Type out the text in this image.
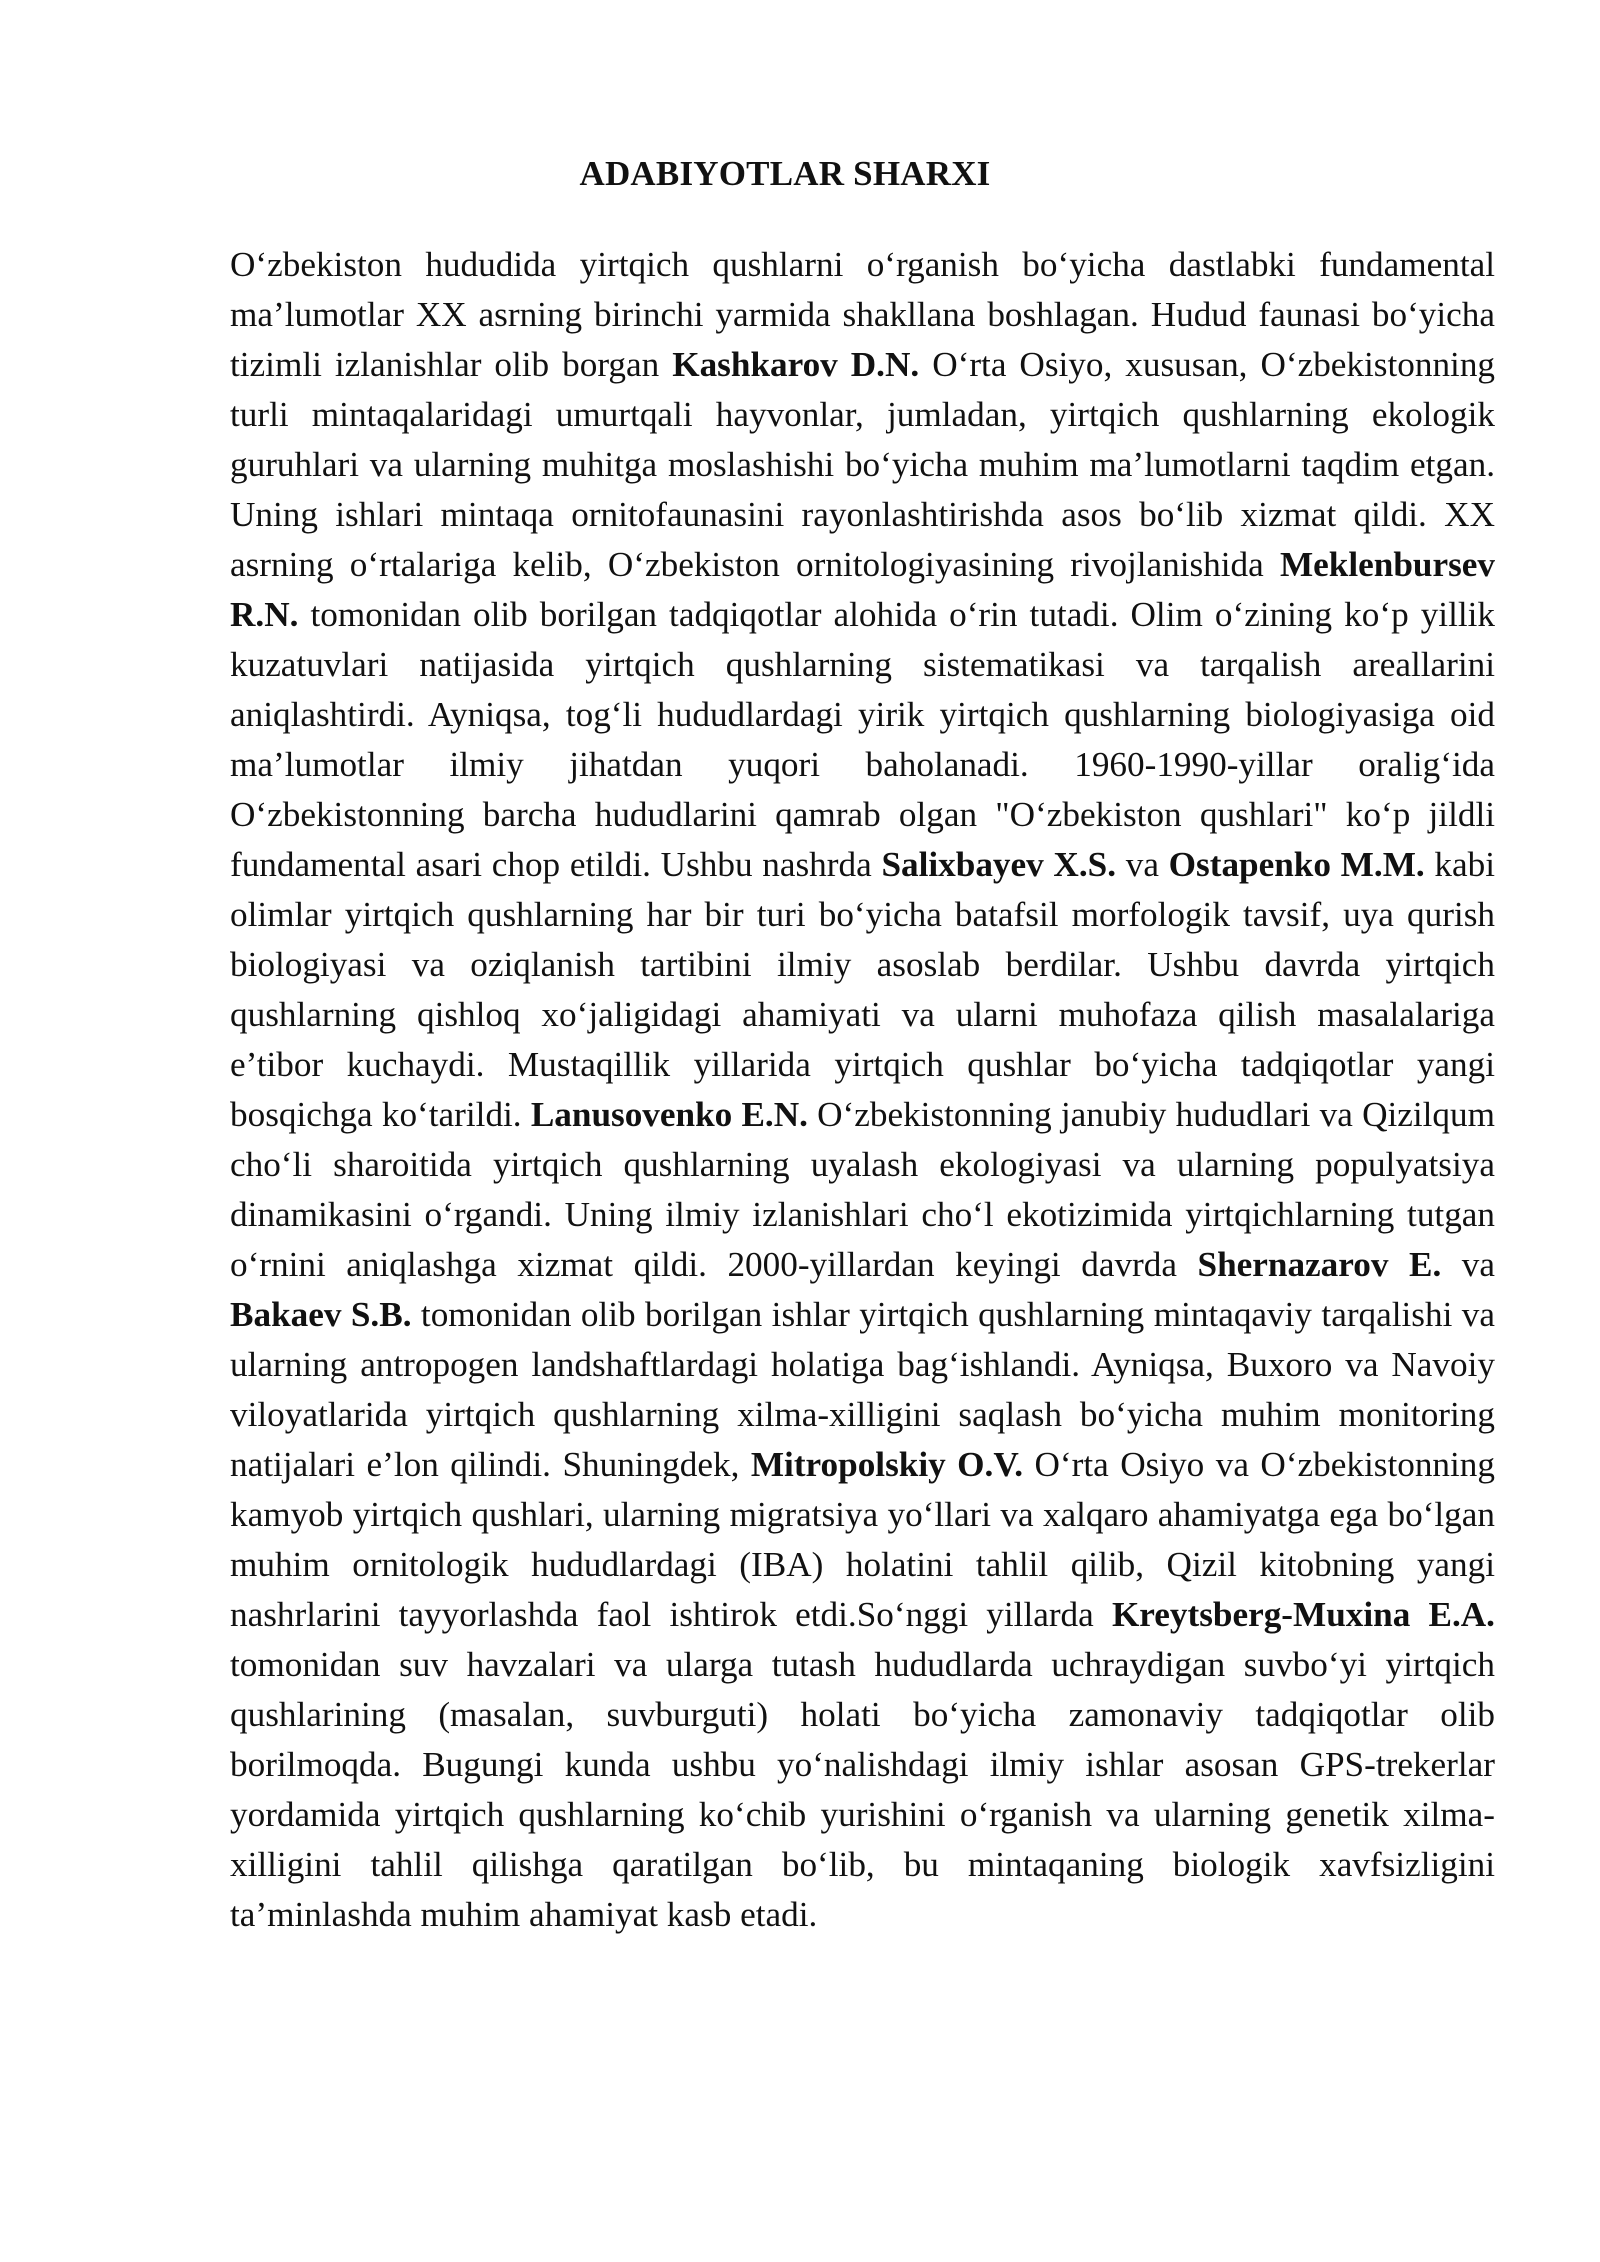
ADABIYOTLAR SHARXI

O‘zbekiston hududida yirtqich qushlarni o‘rganish bo‘yicha dastlabki fundamental ma’lumotlar XX asrning birinchi yarmida shakllana boshlagan. Hudud faunasi bo‘yicha tizimli izlanishlar olib borgan Kashkarov D.N. O‘rta Osiyo, xususan, O‘zbekistonning turli mintaqalaridagi umurtqali hayvonlar, jumladan, yirtqich qushlarning ekologik guruhlari va ularning muhitga moslashishi bo‘yicha muhim ma’lumotlarni taqdim etgan. Uning ishlari mintaqa ornitofaunasini rayonlashtirishda asos bo‘lib xizmat qildi. XX asrning o‘rtalariga kelib, O‘zbekiston ornitologiyasining rivojlanishida Meklenbursev R.N. tomonidan olib borilgan tadqiqotlar alohida o‘rin tutadi. Olim o‘zining ko‘p yillik kuzatuvlari natijasida yirtqich qushlarning sistematikasi va tarqalish areallarini aniqlashtirdi. Ayniqsa, tog‘li hududlardagi yirik yirtqich qushlarning biologiyasiga oid ma’lumotlar ilmiy jihatdan yuqori baholanadi. 1960-1990-yillar oralig‘ida O‘zbekistonning barcha hududlarini qamrab olgan "O‘zbekiston qushlari" ko‘p jildli fundamental asari chop etildi. Ushbu nashrda Salixbayev X.S. va Ostapenko M.M. kabi olimlar yirtqich qushlarning har bir turi bo‘yicha batafsil morfologik tavsif, uya qurish biologiyasi va oziqlanish tartibini ilmiy asoslab berdilar. Ushbu davrda yirtqich qushlarning qishloq xo‘jaligidagi ahamiyati va ularni muhofaza qilish masalalariga e’tibor kuchaydi. Mustaqillik yillarida yirtqich qushlar bo‘yicha tadqiqotlar yangi bosqichga ko‘tarildi. Lanusovenko E.N. O‘zbekistonning janubiy hududlari va Qizilqum cho‘li sharoitida yirtqich qushlarning uyalash ekologiyasi va ularning populyatsiya dinamikasini o‘rgandi. Uning ilmiy izlanishlari cho‘l ekotizimida yirtqichlarning tutgan o‘rnini aniqlashga xizmat qildi. 2000-yillardan keyingi davrda Shernazarov E. va Bakaev S.B. tomonidan olib borilgan ishlar yirtqich qushlarning mintaqaviy tarqalishi va ularning antropogen landshaftlardagi holatiga bag‘ishlandi. Ayniqsa, Buxoro va Navoiy viloyatlarida yirtqich qushlarning xilma-xilligini saqlash bo‘yicha muhim monitoring natijalari e’lon qilindi. Shuningdek, Mitropolskiy O.V. O‘rta Osiyo va O‘zbekistonning kamyob yirtqich qushlari, ularning migratsiya yo‘llari va xalqaro ahamiyatga ega bo‘lgan muhim ornitologik hududlardagi (IBA) holatini tahlil qilib, Qizil kitobning yangi nashrlarini tayyorlashda faol ishtirok etdi.So‘nggi yillarda Kreytsberg-Muxina E.A. tomonidan suv havzalari va ularga tutash hududlarda uchraydigan suvbo‘yi yirtqich qushlarining (masalan, suvburguti) holati bo‘yicha zamonaviy tadqiqotlar olib borilmoqda. Bugungi kunda ushbu yo‘nalishdagi ilmiy ishlar asosan GPS-trekerlar yordamida yirtqich qushlarning ko‘chib yurishini o‘rganish va ularning genetik xilma-xilligini tahlil qilishga qaratilgan bo‘lib, bu mintaqaning biologik xavfsizligini ta’minlashda muhim ahamiyat kasb etadi.
